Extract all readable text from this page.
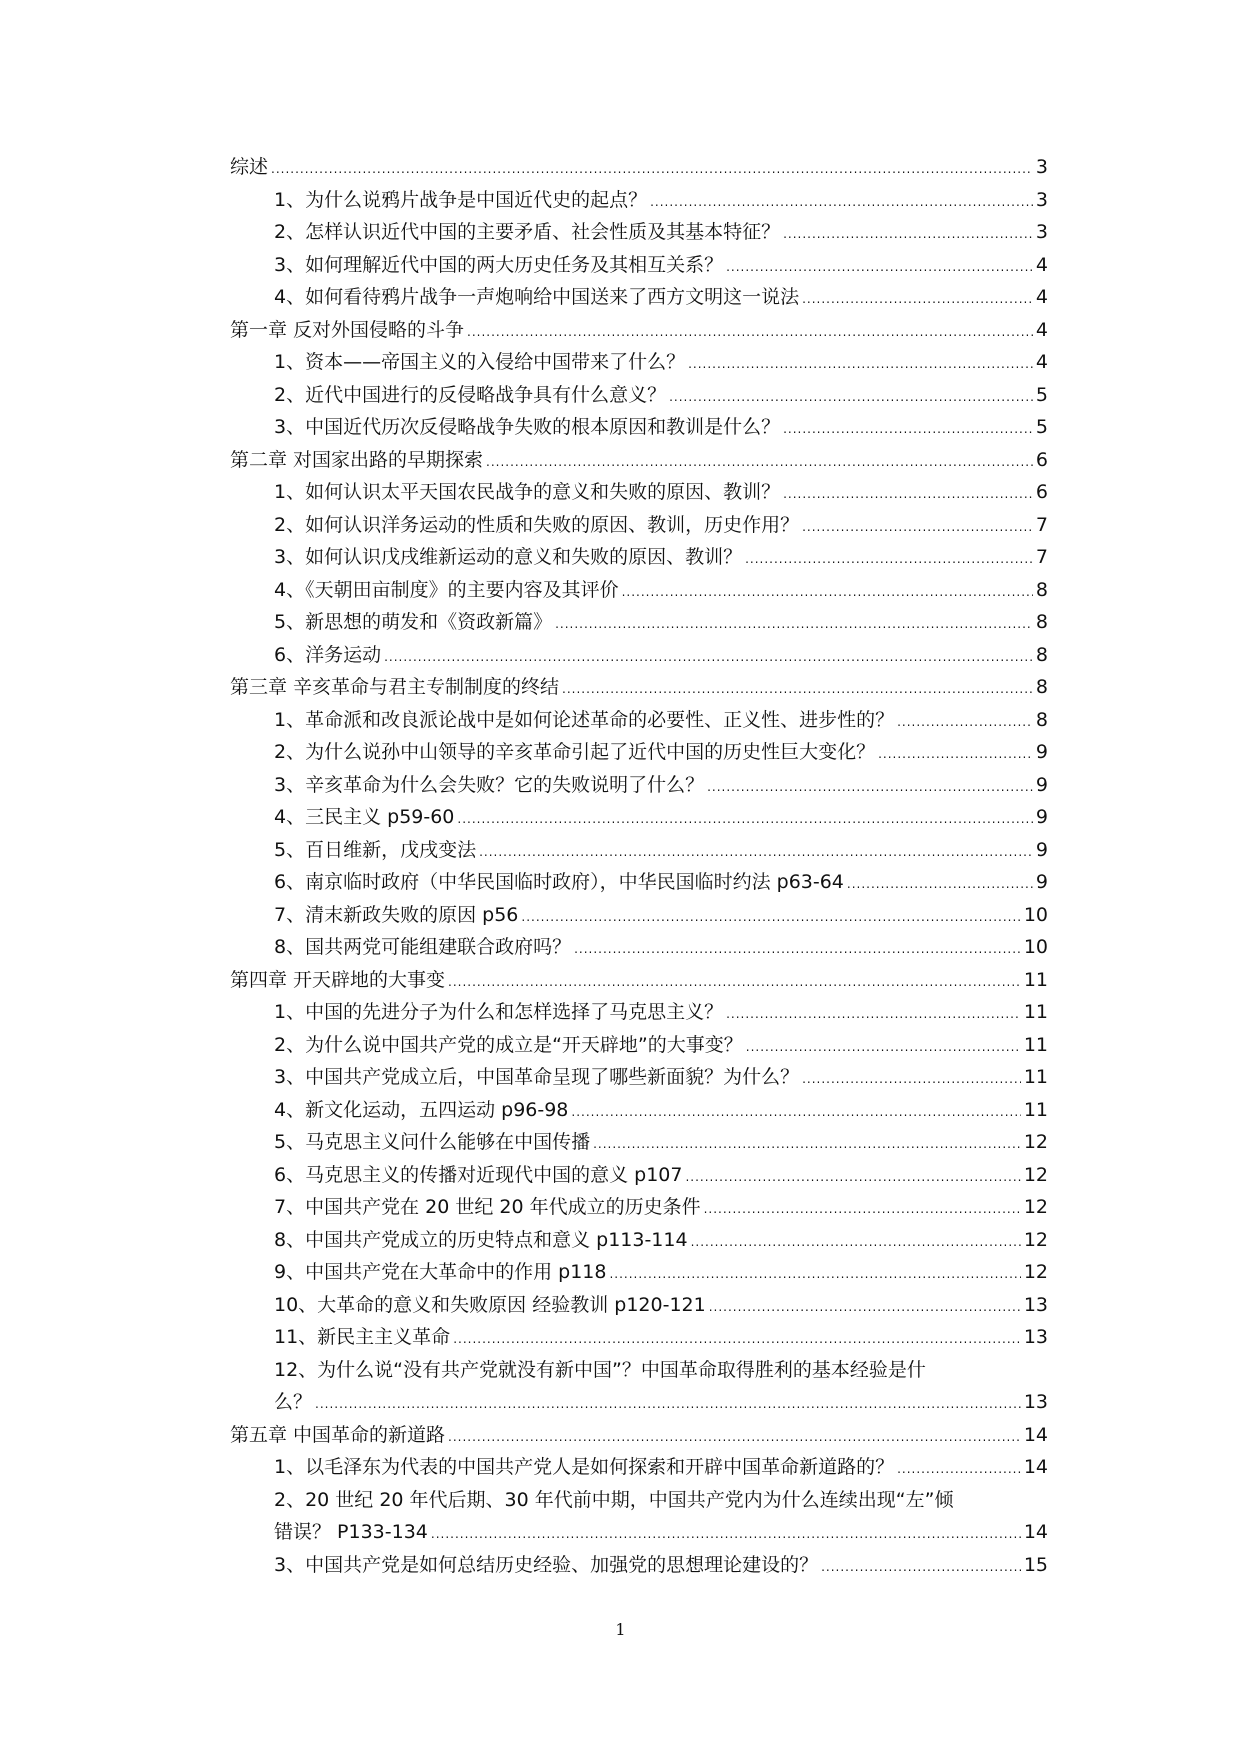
综述 .....	3
1、为什么说鸦片战争是中国近代史的起点？ .....	3
2、怎样认识近代中国的主要矛盾、社会性质及其基本特征？ .....	3
3、如何理解近代中国的两大历史任务及其相互关系？ .....	4
4、如何看待鸦片战争一声炮响给中国送来了西方文明这一说法 .....	4
第一章 反对外国侵略的斗争 .....	4
1、资本——帝国主义的入侵给中国带来了什么？ .....	4
2、近代中国进行的反侵略战争具有什么意义？ .....	5
3、中国近代历次反侵略战争失败的根本原因和教训是什么？ .....	5
第二章 对国家出路的早期探索 .....	6
1、如何认识太平天国农民战争的意义和失败的原因、教训？ .....	6
2、如何认识洋务运动的性质和失败的原因、教训，历史作用？ .....	7
3、如何认识戊戌维新运动的意义和失败的原因、教训？ .....	7
4、《天朝田亩制度》的主要内容及其评价 .....	8
5、新思想的萌发和《资政新篇》 .....	8
6、洋务运动 .....	8
第三章 辛亥革命与君主专制制度的终结 .....	8
1、革命派和改良派论战中是如何论述革命的必要性、正义性、进步性的？ .....	8
2、为什么说孙中山领导的辛亥革命引起了近代中国的历史性巨大变化？ .....	9
3、辛亥革命为什么会失败？它的失败说明了什么？ .....	9
4、三民主义 p59-60 .....	9
5、百日维新，戊戌变法 .....	9
6、南京临时政府（中华民国临时政府），中华民国临时约法 p63-64 .....	9
7、清末新政失败的原因 p56 .....	10
8、国共两党可能组建联合政府吗？ .....	10
第四章 开天辟地的大事变 .....	11
1、中国的先进分子为什么和怎样选择了马克思主义？ .....	11
2、为什么说中国共产党的成立是“开天辟地”的大事变？ .....	11
3、中国共产党成立后，中国革命呈现了哪些新面貌？为什么？ .....	11
4、新文化运动，五四运动 p96-98 .....	11
5、马克思主义问什么能够在中国传播 .....	12
6、马克思主义的传播对近现代中国的意义 p107 .....	12
7、中国共产党在 20 世纪 20 年代成立的历史条件 .....	12
8、中国共产党成立的历史特点和意义 p113-114 .....	12
9、中国共产党在大革命中的作用 p118 .....	12
10、大革命的意义和失败原因 经验教训 p120-121 .....	13
11、新民主主义革命 .....	13
12、为什么说“没有共产党就没有新中国”？中国革命取得胜利的基本经验是什
么？ .....	13
第五章 中国革命的新道路 .....	14
1、以毛泽东为代表的中国共产党人是如何探索和开辟中国革命新道路的？ .....	14
2、20 世纪 20 年代后期、30 年代前中期，中国共产党内为什么连续出现“左”倾
错误？ P133-134 .....	14
3、中国共产党是如何总结历史经验、加强党的思想理论建设的？ .....	15
1
